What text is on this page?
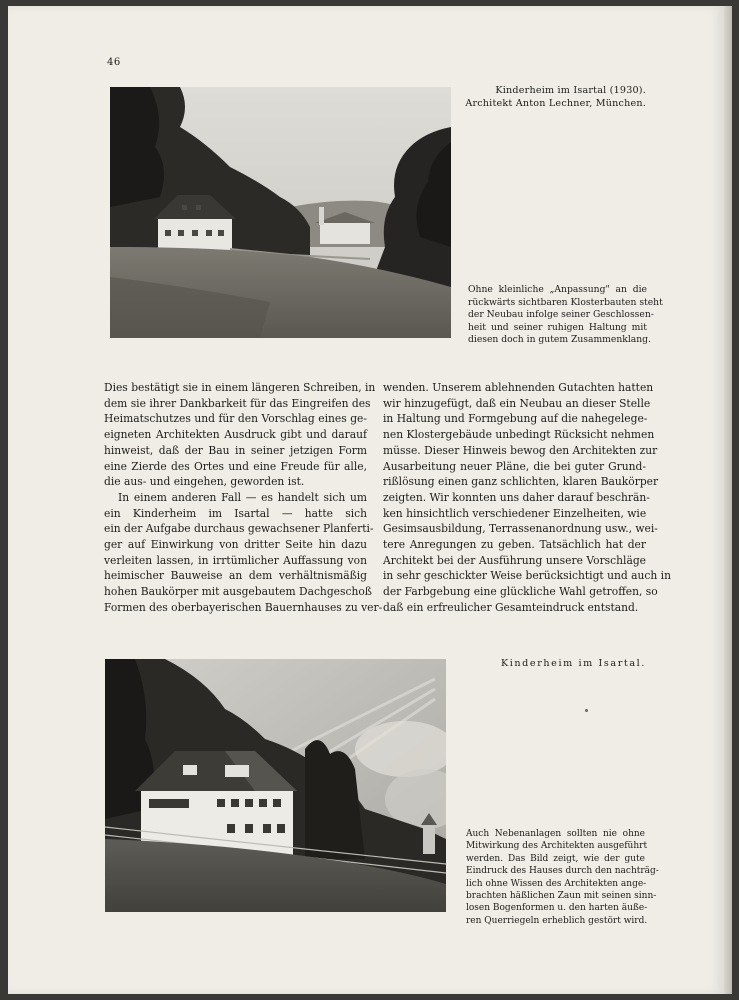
46
Kinderheim im Isartal (1930).
Architekt Anton Lechner, München.
Ohne kleinliche „Anpassung" an die
rückwärts sichtbaren Klosterbauten steht
der Neubau infolge seiner Geschlossen-
heit und seiner ruhigen Haltung mit
diesen doch in gutem Zusammenklang.
Dies bestätigt sie in einem längeren Schreiben, in
dem sie ihrer Dankbarkeit für das Eingreifen des
Heimatschutzes und für den Vorschlag eines ge-
eigneten Architekten Ausdruck gibt und darauf
hinweist, daß der Bau in seiner jetzigen Form
eine Zierde des Ortes und eine Freude für alle,
die aus- und eingehen, geworden ist.
In einem anderen Fall — es handelt sich um
ein Kinderheim im Isartal — hatte sich
ein der Aufgabe durchaus gewachsener Planferti-
ger auf Einwirkung von dritter Seite hin dazu
verleiten lassen, in irrtümlicher Auffassung von
heimischer Bauweise an dem verhältnismäßig
hohen Baukörper mit ausgebautem Dachgeschoß
Formen des oberbayerischen Bauernhauses zu ver-
wenden. Unserem ablehnenden Gutachten hatten
wir hinzugefügt, daß ein Neubau an dieser Stelle
in Haltung und Formgebung auf die nahegelege-
nen Klostergebäude unbedingt Rücksicht nehmen
müsse. Dieser Hinweis bewog den Architekten zur
Ausarbeitung neuer Pläne, die bei guter Grund-
rißlösung einen ganz schlichten, klaren Baukörper
zeigten. Wir konnten uns daher darauf beschrän-
ken hinsichtlich verschiedener Einzelheiten, wie
Gesimsausbildung, Terrassenanordnung usw., wei-
tere Anregungen zu geben. Tatsächlich hat der
Architekt bei der Ausführung unsere Vorschläge
in sehr geschickter Weise berücksichtigt und auch in
der Farbgebung eine glückliche Wahl getroffen, so
daß ein erfreulicher Gesamteindruck entstand.
Kinderheim im Isartal.
Auch Nebenanlagen sollten nie ohne
Mitwirkung des Architekten ausgeführt
werden. Das Bild zeigt, wie der gute
Eindruck des Hauses durch den nachträg-
lich ohne Wissen des Architekten ange-
brachten häßlichen Zaun mit seinen sinn-
losen Bogenformen u. den harten äuße-
ren Querriegeln erheblich gestört wird.
